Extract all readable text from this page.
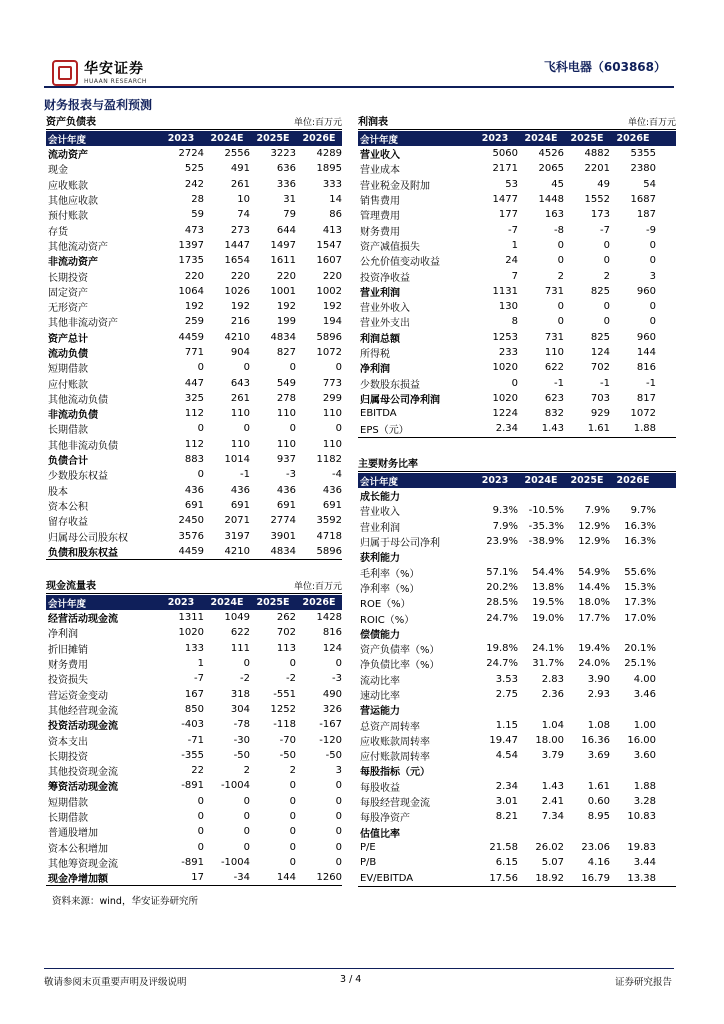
华安证券
HUAAN RESEARCH
飞科电器（603868）
财务报表与盈利预测
资产负债表	单位:百万元
会计年度	2023	2024E	2025E	2026E
流动资产	2724	2556	3223	4289
现金	525	491	636	1895
应收账款	242	261	336	333
其他应收款	28	10	31	14
预付账款	59	74	79	86
存货	473	273	644	413
其他流动资产	1397	1447	1497	1547
非流动资产	1735	1654	1611	1607
长期投资	220	220	220	220
固定资产	1064	1026	1001	1002
无形资产	192	192	192	192
其他非流动资产	259	216	199	194
资产总计	4459	4210	4834	5896
流动负债	771	904	827	1072
短期借款	0	0	0	0
应付账款	447	643	549	773
其他流动负债	325	261	278	299
非流动负债	112	110	110	110
长期借款	0	0	0	0
其他非流动负债	112	110	110	110
负债合计	883	1014	937	1182
少数股东权益	0	-1	-3	-4
股本	436	436	436	436
资本公积	691	691	691	691
留存收益	2450	2071	2774	3592
归属母公司股东权	3576	3197	3901	4718
负债和股东权益	4459	4210	4834	5896
现金流量表	单位:百万元
会计年度	2023	2024E	2025E	2026E
经营活动现金流	1311	1049	262	1428
净利润	1020	622	702	816
折旧摊销	133	111	113	124
财务费用	1	0	0	0
投资损失	-7	-2	-2	-3
营运资金变动	167	318	-551	490
其他经营现金流	850	304	1252	326
投资活动现金流	-403	-78	-118	-167
资本支出	-71	-30	-70	-120
长期投资	-355	-50	-50	-50
其他投资现金流	22	2	2	3
筹资活动现金流	-891	-1004	0	0
短期借款	0	0	0	0
长期借款	0	0	0	0
普通股增加	0	0	0	0
资本公积增加	0	0	0	0
其他筹资现金流	-891	-1004	0	0
现金净增加额	17	-34	144	1260
利润表	单位:百万元
会计年度	2023	2024E	2025E	2026E
营业收入	5060	4526	4882	5355
营业成本	2171	2065	2201	2380
营业税金及附加	53	45	49	54
销售费用	1477	1448	1552	1687
管理费用	177	163	173	187
财务费用	-7	-8	-7	-9
资产减值损失	1	0	0	0
公允价值变动收益	24	0	0	0
投资净收益	7	2	2	3
营业利润	1131	731	825	960
营业外收入	130	0	0	0
营业外支出	8	0	0	0
利润总额	1253	731	825	960
所得税	233	110	124	144
净利润	1020	622	702	816
少数股东损益	0	-1	-1	-1
归属母公司净利润	1020	623	703	817
EBITDA	1224	832	929	1072
EPS（元）	2.34	1.43	1.61	1.88
主要财务比率
会计年度	2023	2024E	2025E	2026E
成长能力
营业收入	9.3%	-10.5%	7.9%	9.7%
营业利润	7.9%	-35.3%	12.9%	16.3%
归属于母公司净利	23.9%	-38.9%	12.9%	16.3%
获利能力
毛利率（%）	57.1%	54.4%	54.9%	55.6%
净利率（%）	20.2%	13.8%	14.4%	15.3%
ROE（%）	28.5%	19.5%	18.0%	17.3%
ROIC（%）	24.7%	19.0%	17.7%	17.0%
偿债能力
资产负债率（%）	19.8%	24.1%	19.4%	20.1%
净负债比率（%）	24.7%	31.7%	24.0%	25.1%
流动比率	3.53	2.83	3.90	4.00
速动比率	2.75	2.36	2.93	3.46
营运能力
总资产周转率	1.15	1.04	1.08	1.00
应收账款周转率	19.47	18.00	16.36	16.00
应付账款周转率	4.54	3.79	3.69	3.60
每股指标（元）
每股收益	2.34	1.43	1.61	1.88
每股经营现金流	3.01	2.41	0.60	3.28
每股净资产	8.21	7.34	8.95	10.83
估值比率
P/E	21.58	26.02	23.06	19.83
P/B	6.15	5.07	4.16	3.44
EV/EBITDA	17.56	18.92	16.79	13.38
资料来源：wind，华安证券研究所
敬请参阅末页重要声明及评级说明	3 / 4	证券研究报告
